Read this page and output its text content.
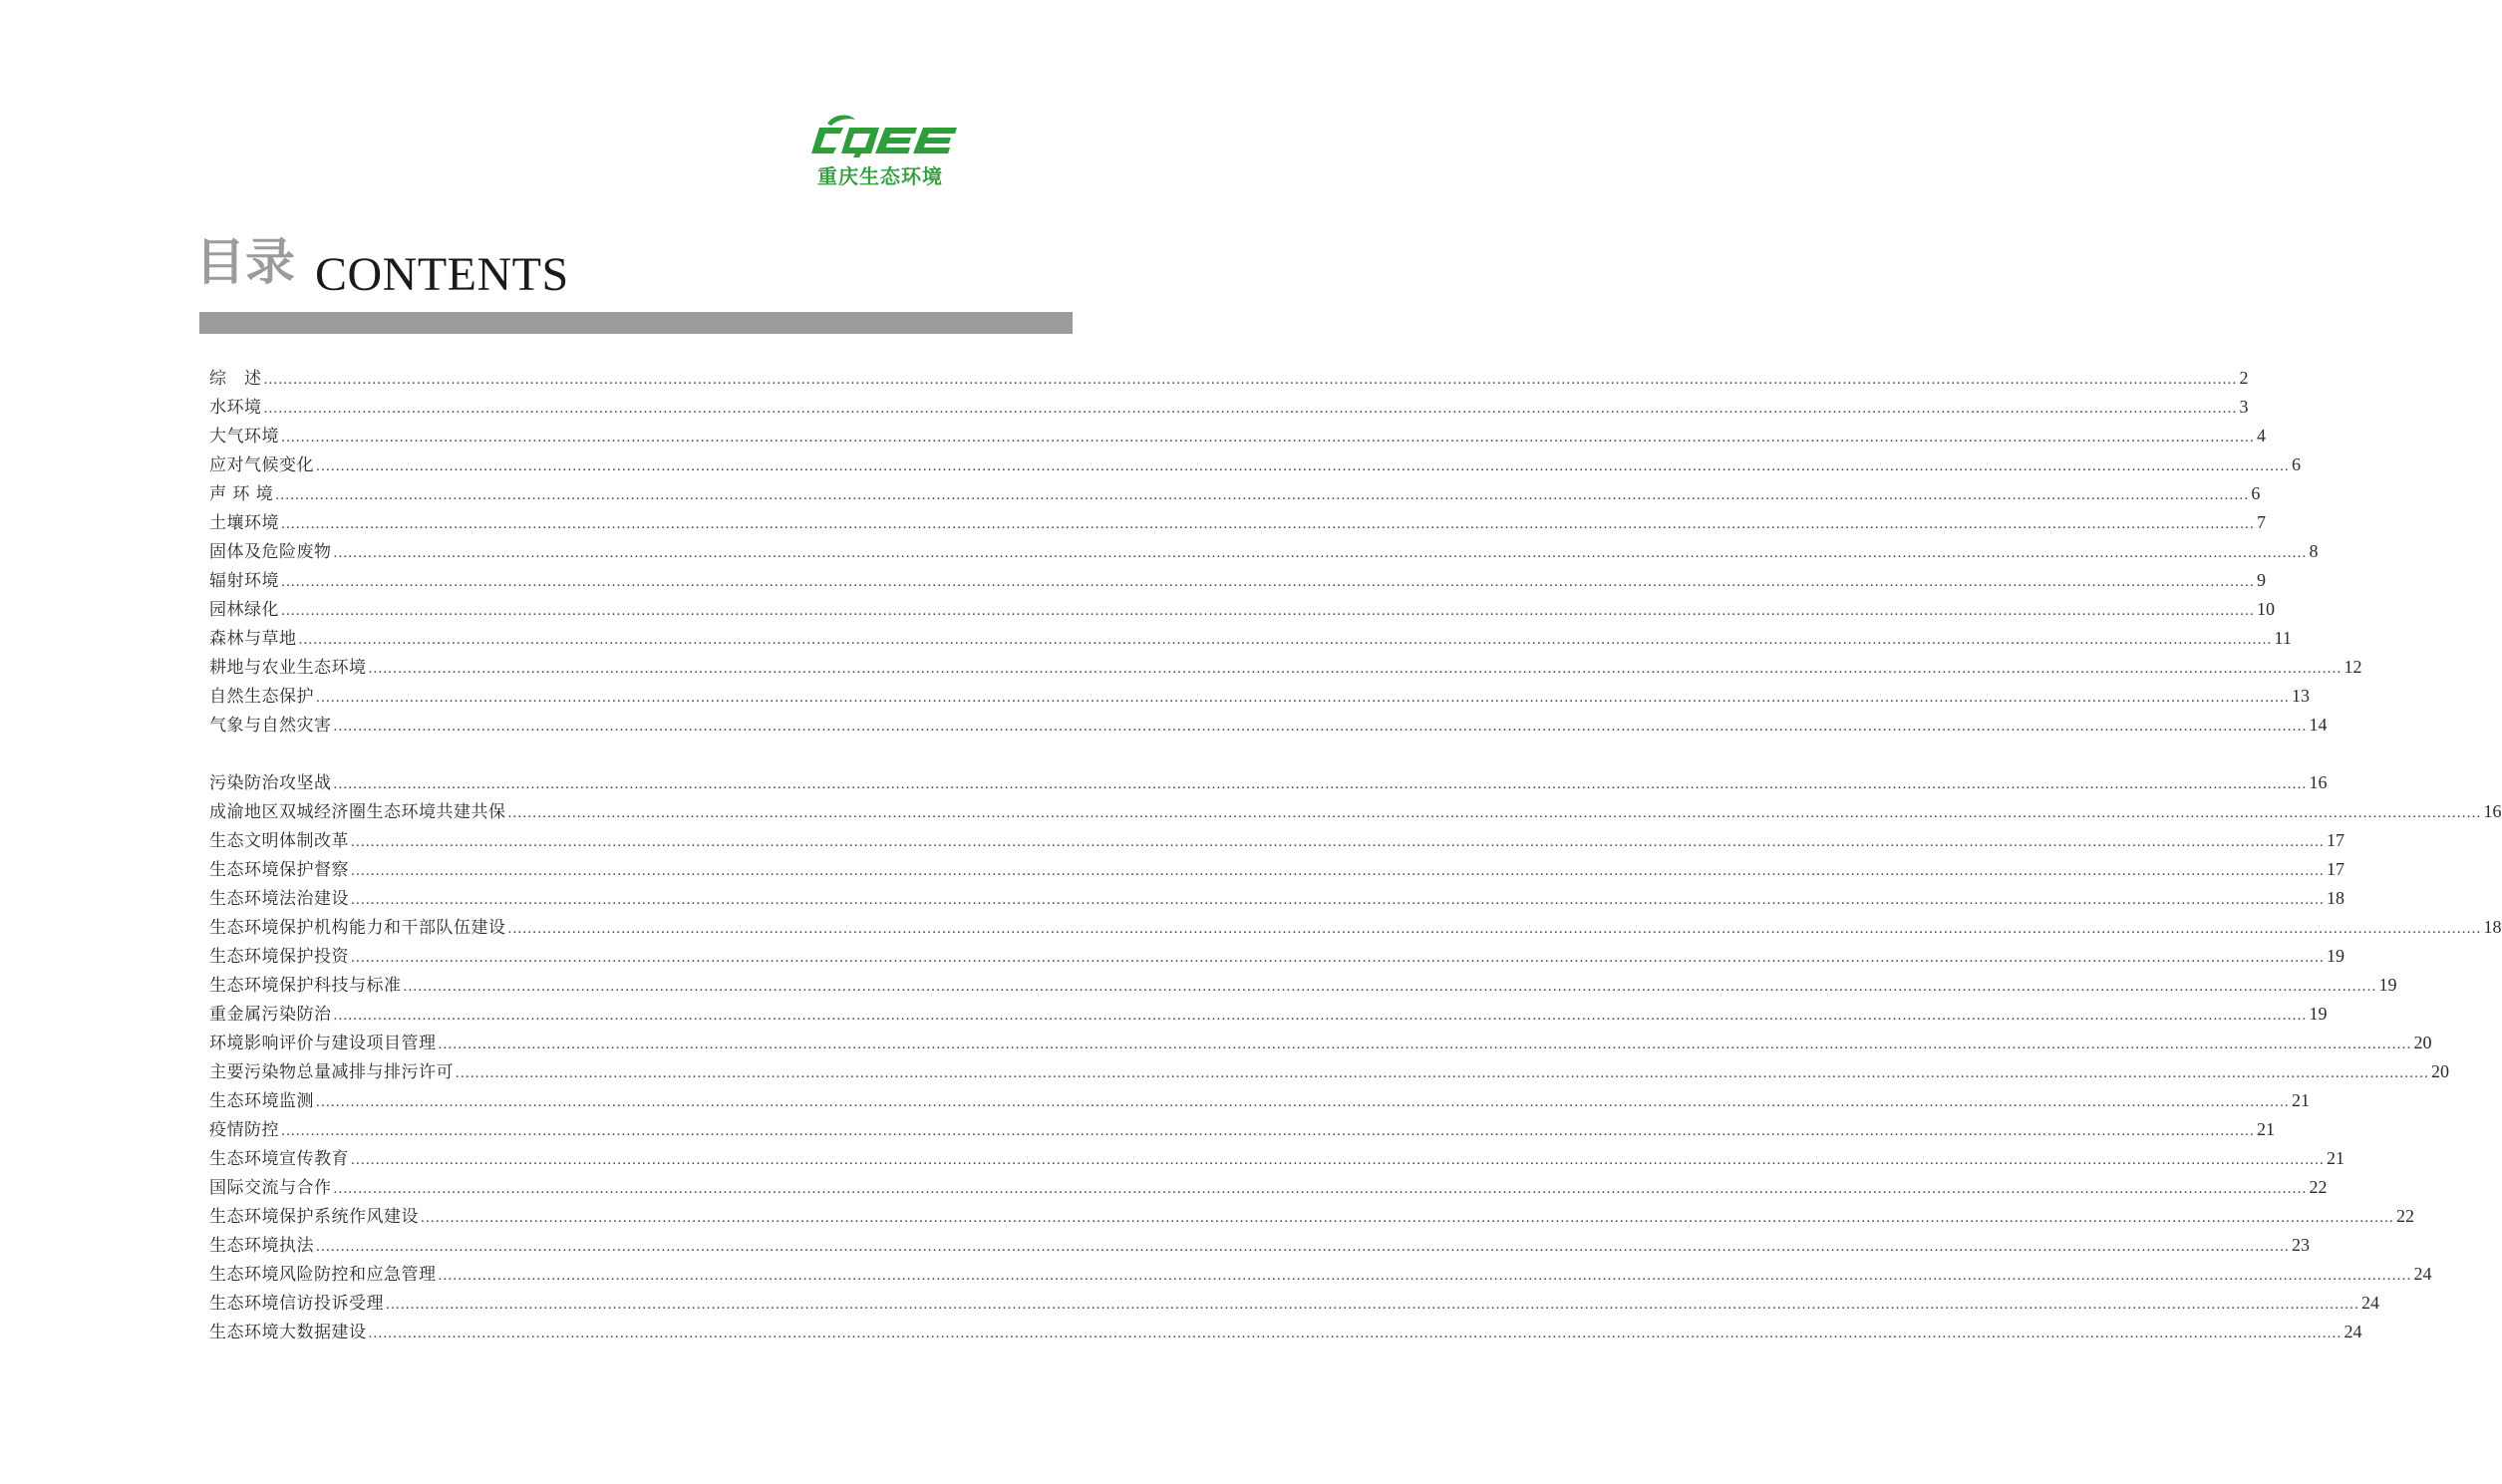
重庆生态环境
目录 CONTENTS
综　述 ................................................................................................................................................................................................................................................................................................................................................................................................................ 2
水环境 ................................................................................................................................................................................................................................................................................................................................................................................................................ 3
大气环境 ................................................................................................................................................................................................................................................................................................................................................................................................................ 4
应对气候变化 ................................................................................................................................................................................................................................................................................................................................................................................................................ 6
声 环 境 ................................................................................................................................................................................................................................................................................................................................................................................................................ 6
土壤环境 ................................................................................................................................................................................................................................................................................................................................................................................................................ 7
固体及危险废物 ................................................................................................................................................................................................................................................................................................................................................................................................................ 8
辐射环境 ................................................................................................................................................................................................................................................................................................................................................................................................................ 9
园林绿化 ................................................................................................................................................................................................................................................................................................................................................................................................................ 10
森林与草地 ................................................................................................................................................................................................................................................................................................................................................................................................................ 11
耕地与农业生态环境 ................................................................................................................................................................................................................................................................................................................................................................................................................ 12
自然生态保护 ................................................................................................................................................................................................................................................................................................................................................................................................................ 13
气象与自然灾害 ................................................................................................................................................................................................................................................................................................................................................................................................................ 14
污染防治攻坚战 ................................................................................................................................................................................................................................................................................................................................................................................................................ 16
成渝地区双城经济圈生态环境共建共保 ................................................................................................................................................................................................................................................................................................................................................................................................................ 16
生态文明体制改革 ................................................................................................................................................................................................................................................................................................................................................................................................................ 17
生态环境保护督察 ................................................................................................................................................................................................................................................................................................................................................................................................................ 17
生态环境法治建设 ................................................................................................................................................................................................................................................................................................................................................................................................................ 18
生态环境保护机构能力和干部队伍建设 ................................................................................................................................................................................................................................................................................................................................................................................................................ 18
生态环境保护投资 ................................................................................................................................................................................................................................................................................................................................................................................................................ 19
生态环境保护科技与标准 ................................................................................................................................................................................................................................................................................................................................................................................................................ 19
重金属污染防治 ................................................................................................................................................................................................................................................................................................................................................................................................................ 19
环境影响评价与建设项目管理 ................................................................................................................................................................................................................................................................................................................................................................................................................ 20
主要污染物总量减排与排污许可 ................................................................................................................................................................................................................................................................................................................................................................................................................ 20
生态环境监测 ................................................................................................................................................................................................................................................................................................................................................................................................................ 21
疫情防控 ................................................................................................................................................................................................................................................................................................................................................................................................................ 21
生态环境宣传教育 ................................................................................................................................................................................................................................................................................................................................................................................................................ 21
国际交流与合作 ................................................................................................................................................................................................................................................................................................................................................................................................................ 22
生态环境保护系统作风建设 ................................................................................................................................................................................................................................................................................................................................................................................................................ 22
生态环境执法 ................................................................................................................................................................................................................................................................................................................................................................................................................ 23
生态环境风险防控和应急管理 ................................................................................................................................................................................................................................................................................................................................................................................................................ 24
生态环境信访投诉受理 ................................................................................................................................................................................................................................................................................................................................................................................................................ 24
生态环境大数据建设 ................................................................................................................................................................................................................................................................................................................................................................................................................ 24
